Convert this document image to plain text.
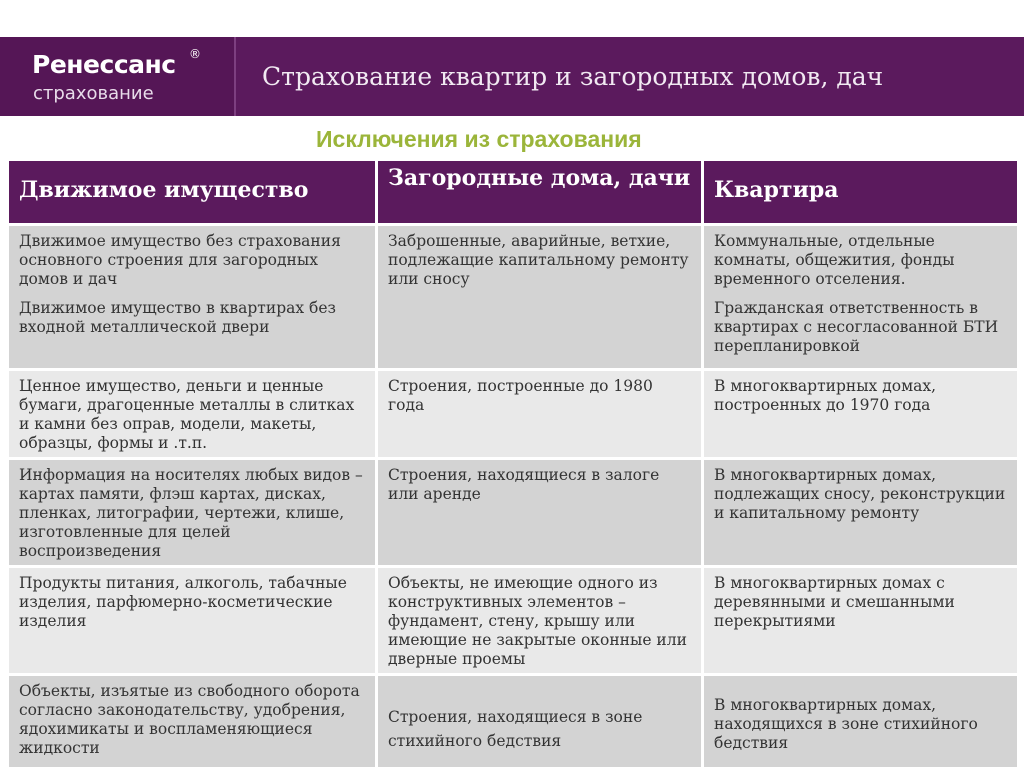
Ренессанс ®
страхование
Страхование квартир и загородных домов, дач
Исключения из страхования
Движимое имущество	Загородные дома, дачи	Квартира

Движимое имущество без страхования основного строения для загородных домов и дач

Движимое имущество в квартирах без входной металлической двери

Заброшенные, аварийные, ветхие, подлежащие капитальному ремонту или сносу

Коммунальные, отдельные комнаты, общежития, фонды временного отселения.

Гражданская ответственность в квартирах с несогласованной БТИ перепланировкой

Ценное имущество, деньги и ценные бумаги, драгоценные металлы в слитках и камни без оправ, модели, макеты, образцы, формы и .т.п.

Строения, построенные до 1980 года

В многоквартирных домах, построенных до 1970 года

Информация на носителях любых видов – картах памяти, флэш картах, дисках, пленках, литографии, чертежи, клише, изготовленные для целей воспроизведения

Строения, находящиеся в залоге или аренде

В многоквартирных домах, подлежащих сносу, реконструкции и капитальному ремонту

Продукты питания, алкоголь, табачные изделия, парфюмерно-косметические изделия

Объекты, не имеющие одного из конструктивных элементов – фундамент, стену, крышу или имеющие не закрытые оконные или дверные проемы

В многоквартирных домах с деревянными и смешанными перекрытиями

Объекты, изъятые из свободного оборота согласно законодательству, удобрения, ядохимикаты и воспламеняющиеся жидкости

Строения, находящиеся в зоне стихийного бедствия

В многоквартирных домах, находящихся в зоне стихийного бедствия
